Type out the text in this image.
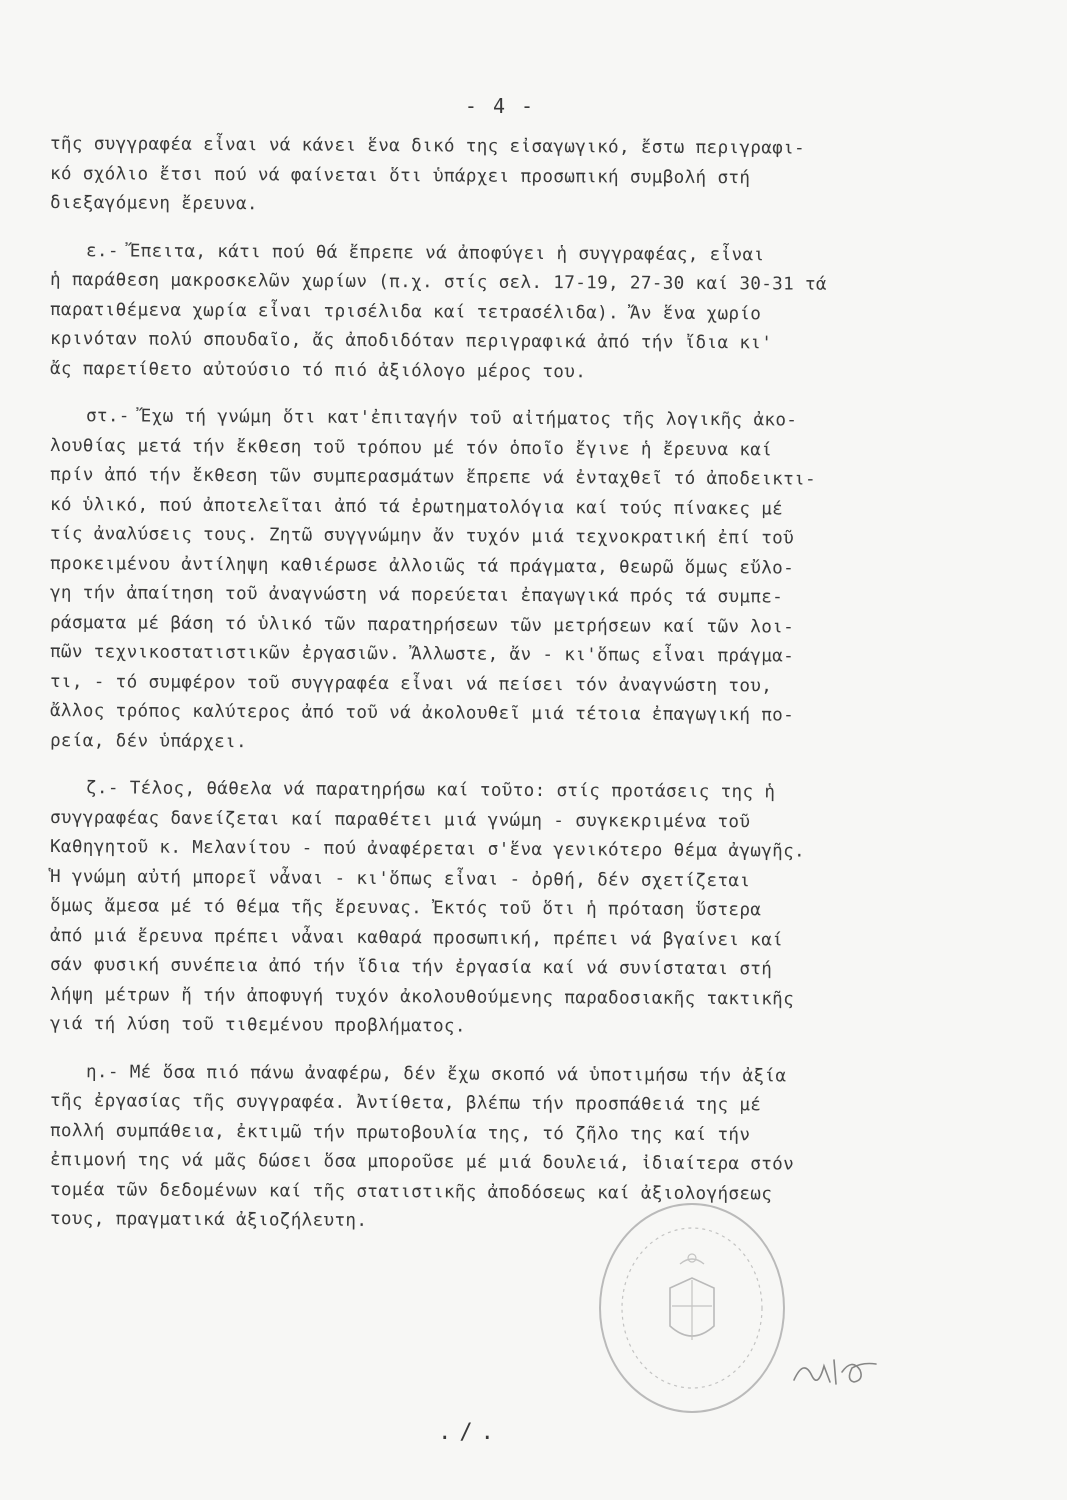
- 4 -
τῆς συγγραφέα εἶναι νά κάνει ἕνα δικό της εἰσαγωγικό, ἔστω περιγραφι-
κό σχόλιο ἔτσι πού νά φαίνεται ὅτι ὑπάρχει προσωπική συμβολή στή
διεξαγόμενη ἔρευνα.
ε.- Ἔπειτα, κάτι πού θά ἔπρεπε νά ἀποφύγει ἡ συγγραφέας, εἶναι
ἡ παράθεση μακροσκελῶν χωρίων (π.χ. στίς σελ. 17-19, 27-30 καί 30-31 τά
παρατιθέμενα χωρία εἶναι τρισέλιδα καί τετρασέλιδα). Ἄν ἕνα χωρίο
κρινόταν πολύ σπουδαῖο, ἄς ἀποδιδόταν περιγραφικά ἀπό τήν ἴδια κι'
ἄς παρετίθετο αὐτούσιο τό πιό ἀξιόλογο μέρος του.
στ.- Ἔχω τή γνώμη ὅτι κατ'ἐπιταγήν τοῦ αἰτήματος τῆς λογικῆς ἀκο-
λουθίας μετά τήν ἔκθεση τοῦ τρόπου μέ τόν ὁποῖο ἔγινε ἡ ἔρευνα καί
πρίν ἀπό τήν ἔκθεση τῶν συμπερασμάτων ἔπρεπε νά ἐνταχθεῖ τό ἀποδεικτι-
κό ὑλικό, πού ἀποτελεῖται ἀπό τά ἐρωτηματολόγια καί τούς πίνακες μέ
τίς ἀναλύσεις τους. Ζητῶ συγγνώμην ἄν τυχόν μιά τεχνοκρατική ἐπί τοῦ
προκειμένου ἀντίληψη καθιέρωσε ἀλλοιῶς τά πράγματα, θεωρῶ ὅμως εὔλο-
γη τήν ἀπαίτηση τοῦ ἀναγνώστη νά πορεύεται ἐπαγωγικά πρός τά συμπε-
ράσματα μέ βάση τό ὑλικό τῶν παρατηρήσεων τῶν μετρήσεων καί τῶν λοι-
πῶν τεχνικοστατιστικῶν ἐργασιῶν. Ἄλλωστε, ἄν - κι'ὅπως εἶναι πράγμα-
τι, - τό συμφέρον τοῦ συγγραφέα εἶναι νά πείσει τόν ἀναγνώστη του,
ἄλλος τρόπος καλύτερος ἀπό τοῦ νά ἀκολουθεῖ μιά τέτοια ἐπαγωγική πο-
ρεία, δέν ὑπάρχει.
ζ.- Τέλος, θάθελα νά παρατηρήσω καί τοῦτο: στίς προτάσεις της ἡ
συγγραφέας δανείζεται καί παραθέτει μιά γνώμη - συγκεκριμένα τοῦ
Καθηγητοῦ κ. Μελανίτου - πού ἀναφέρεται σ'ἕνα γενικότερο θέμα ἀγωγῆς.
Ἡ γνώμη αὐτή μπορεῖ νἆναι - κι'ὅπως εἶναι - ὀρθή, δέν σχετίζεται
ὅμως ἄμεσα μέ τό θέμα τῆς ἔρευνας. Ἐκτός τοῦ ὅτι ἡ πρόταση ὕστερα
ἀπό μιά ἔρευνα πρέπει νἆναι καθαρά προσωπική, πρέπει νά βγαίνει καί
σάν φυσική συνέπεια ἀπό τήν ἴδια τήν ἐργασία καί νά συνίσταται στή
λήψη μέτρων ἤ τήν ἀποφυγή τυχόν ἀκολουθούμενης παραδοσιακῆς τακτικῆς
γιά τή λύση τοῦ τιθεμένου προβλήματος.
η.- Μέ ὅσα πιό πάνω ἀναφέρω, δέν ἔχω σκοπό νά ὑποτιμήσω τήν ἀξία
τῆς ἐργασίας τῆς συγγραφέα. Ἀντίθετα, βλέπω τήν προσπάθειά της μέ
πολλή συμπάθεια, ἐκτιμῶ τήν πρωτοβουλία της, τό ζῆλο της καί τήν
ἐπιμονή της νά μᾶς δώσει ὅσα μποροῦσε μέ μιά δουλειά, ἰδιαίτερα στόν
τομέα τῶν δεδομένων καί τῆς στατιστικῆς ἀποδόσεως καί ἀξιολογήσεως
τους, πραγματικά ἀξιοζήλευτη.
./.
